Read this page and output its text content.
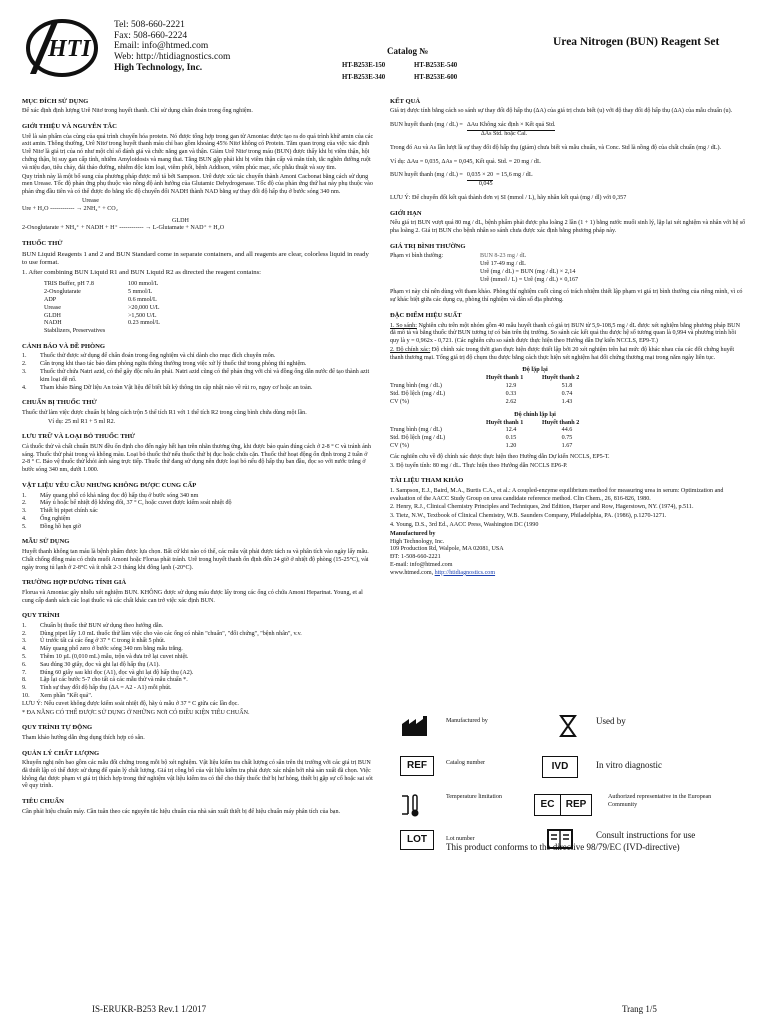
HTI
Tel: 508-660-2221
Fax: 508-660-2224
Email: info@htmed.com
Web: http://htidiagnostics.com
High Technology, Inc.
Urea Nitrogen (BUN) Reagent Set
Catalog №
HT-B253E-150	HT-B253E-540
HT-B253E-340	HT-B253E-600
MỤC ĐÍCH SỬ DỤNG

Để xác định định lượng Urê Nitơ trong huyết thanh. Chỉ sử dụng chẩn đoán trong ống nghiệm.

GIỚI THIỆU VÀ NGUYÊN TẮC

Urê là sản phẩm của cùng của quá trình chuyển hóa protein. Nó được tổng hợp trong gan từ Amoniac được tạo ra do quá trình khử amin của các axit amin. Thông thường, Urê Nitơ trong huyết thanh máu chỉ bao gồm khoảng 45% Nitơ không có Protein. Tăm quan trọng của việc xác định Urê Nitơ là giá trị của nó như một chỉ số đánh giá và chức năng gan và thận. Giảm Urê Nitơ trong máu (BUN) được thấy khi bị viêm thận, hội chứng thận, bị suy gan cấp tính, nhiễm Amyloidosis và mang thai. Tăng BUN gặp phải khi bị viêm thận cấp và mãn tính, tắc nghẽn đường ruột và niệu đạo, tiêu chảy, đái tháo đường, nhiễm độc kim loại, viêm phổi, bệnh Addison, viêm phúc mạc, sốc phẫu thuật và suy tim.

Quy trình này là một bổ sung của phương pháp được mô tả bởi Sampson. Urê được xúc tác chuyển thành Amoni Cacbonat bằng cách sử dụng men Urease. Tốc độ phản ứng phụ thuộc vào nồng độ ảnh hưởng của Glutamic Dehydrogenase. Tốc độ của phản ứng thứ hai này phụ thuộc vào phản ứng đầu tiên và có thể được đo bằng tốc độ chuyển đổi NADH thành NAD bằng sự thay đổi độ hấp thụ ở bước sóng 340 nm.

Urease
Ure + H₂O ------------ → 2NH₄⁺ + CO₂
GLDH
2-Oxoglutarate + NH₄⁺ + NADH + H⁺ ------------ → L-Glutamate + NAD⁺ + H₂O
THUỐC THỬ

BUN Liquid Reagents 1 and 2 and BUN Standard come in separate containers, and all reagents are clear, colorless liquid in ready to use format.

1. After combining BUN Liquid R1 and BUN Liquid R2 as directed the reagent contains:

TRIS Buffer, pH 7.8	100 mmol/L
2-Oxoglutarate	5 mmol/L
ADP	0.6 mmol/L
Urease	>20,000 U/L
GLDH	>1,500 U/L
NADH	0.23 mmol/L
Stabilizers, Preservatives	
CẢNH BÁO VÀ ĐỀ PHÒNG
1.	Thuốc thử được sử dụng để chẩn đoán trong ống nghiệm và chỉ dành cho mục đích chuyên môn.
2.	Cẩn trọng khi thao tác bảo đảm phòng ngừa thông thường trong việc xử lý thuốc thử trong phòng thí nghiệm.
3.	Thuốc thử chứa Natri azid, có thể gây độc nếu ăn phải. Natri azid cũng có thể phản ứng với chì và đồng ống dẫn nước để tạo thành azit kim loại dễ nổ.
4.	Tham khảo Bảng Dữ liệu An toàn Vật liệu để biết bất kỳ thông tin cập nhật nào về rủi ro, nguy cơ hoặc an toàn.
CHUẨN BỊ THUỐC THỬ

Thuốc thử làm việc được chuẩn bị bằng cách trộn 5 thể tích R1 với 1 thể tích R2 trong cùng bình chứa dùng một lần.

Ví dụ: 25 ml R1 + 5 ml R2.

LƯU TRỮ VÀ LOẠI BỎ THUỐC THỬ

Cả thuốc thử và chất chuẩn BUN đều ổn định cho đến ngày hết hạn trên nhãn thương ứng, khi được bảo quản đúng cách ở 2-8 ° C và tránh ánh sáng. Thuốc thử phải trong và không màu. Loại bỏ thuốc thử nếu thuốc thử bị đục hoặc chứa cặn. Thuốc thử hoạt động ổn định trong 2 tuần ở 2-8 ° C. Bảo vệ thuốc thử khỏi ánh sáng trực tiếp. Thuốc thử đang sử dụng nên được loại bỏ nếu độ hấp thụ ban đầu, đọc so với nước trắng ở bước sóng 340 nm, dưới 1.000.

VẬT LIỆU YÊU CẦU NHƯNG KHÔNG ĐƯỢC CUNG CẤP
1.	Máy quang phổ có khả năng đọc độ hấp thụ ở bước sóng 340 nm
2.	Máy ủ hoặc bể nhiệt độ không đổi, 37 ° C, hoặc cuvet được kiểm soát nhiệt độ
3.	Thiết bị pipet chính xác
4.	Ống nghiệm
5.	Đồng hồ hẹn giờ
MẪU SỬ DỤNG

Huyết thanh không tan máu là bệnh phẩm được lựa chọn. Bất cứ khi nào có thể, các mẫu vật phải được tách ra và phân tích vào ngày lấy mẫu. Chất chống đông máu có chứa muối Amoni hoặc Florua phải tránh. Urê trong huyết thanh ổn định đến 24 giờ ở nhiệt độ phòng (15-25°C), vài ngày trong tủ lạnh ở 2-8°C và ít nhất 2-3 tháng khi đông lạnh (-20°C).

TRƯỜNG HỢP DƯƠNG TÍNH GIẢ

Florua và Amoniac gây nhiễu xét nghiệm BUN. KHÔNG được sử dụng máu được lấy trong các ống có chứa Amoni Heparinat. Young, et al cung cấp danh sách các loại thuốc và các chất khác can trở việc xác định BUN.

QUY TRÌNH
1.	Chuẩn bị thuốc thử BUN sử dụng theo hướng dẫn.
2.	Dùng pipet lấy 1.0 mL thuốc thử làm việc cho vào các ống có nhãn "chuẩn", "đối chứng", "bệnh nhân", v.v.
3.	Ủ trước tất cả các ống ở 37 ° C trong ít nhất 5 phút.
4.	Máy quang phổ zero ở bước sóng 340 nm bằng mẫu trắng.
5.	Thêm 10 µL (0,010 mL) mẫu, trộn và đưa trở lại cuvet nhiệt.
6.	Sau đúng 30 giây, đọc và ghi lại độ hấp thụ (A1).
7.	Đúng 60 giây sau khi đọc (A1), đọc và ghi lại độ hấp thụ (A2).
8.	Lặp lại các bước 5-7 cho tất cả các mẫu thử và mẫu chuẩn *.
9.	Tính sự thay đổi độ hấp thụ (ΔA = A2 - A1) mỗi phút.
10.	Xem phần "Kết quả".

LƯU Ý: Nếu cuvet không được kiểm soát nhiệt độ, hãy ủ mẫu ở 37 ° C giữa các lần đọc.

* ĐA NĂNG CÓ THỂ ĐƯỢC SỬ DỤNG Ở NHỮNG NƠI CÓ ĐIỀU KIỆN TIÊU CHUẨN.

QUY TRÌNH TỰ ĐỘNG

Tham khảo hướng dẫn ứng dụng thích hợp có sẵn.

QUẢN LÝ CHẤT LƯỢNG

Khuyến nghị nên bao gồm các mẫu đối chứng trong mỗi bộ xét nghiệm. Vật liệu kiểm tra chất lượng có sẵn trên thị trường với các giá trị BUN đã thiết lập có thể được sử dụng để quản lý chất lượng. Giá trị công bố của vật liệu kiểm tra phải được xác nhận bởi nhà sản xuất đã chọn. Việc không đạt được phạm vi giá trị thích hợp trong thử nghiệm vật liệu kiểm tra có thể cho thấy thuốc thử bị hư hỏng, thiết bị gặp sự cố hoặc sai sót về quy trình.

TIÊU CHUẨN

Cần phải hiệu chuẩn máy. Cần tuân theo các nguyên tắc hiệu chuẩn của nhà sản xuất thiết bị để hiệu chuẩn máy phân tích của bạn.

KẾT QUẢ

Giá trị được tính bằng cách so sánh sự thay đổi độ hấp thụ (ΔA) của giá trị chưa biết (u) với độ thay đổi độ hấp thụ (ΔA) của mẫu chuẩn (u).

BUN huyết thanh (mg / dL) = ΔAu Không xác định × Kết quả Std.
ΔAs Std. hoặc Cal.

Trong đó Au và As lần lượt là sự thay đổi độ hấp thụ (giảm) chưa biết và mẫu chuẩn, và Conc. Std là nồng độ của chất chuẩn (mg / dL).

Ví dụ: ΔAu = 0,035, ΔAs = 0,045, Kết quả. Std. = 20 mg / dL

BUN huyết thanh $(mg / dL) = \frac{0,035 \times 20}{0,045} = 15,6$ mg / dL

LƯU Ý: Để chuyển đổi kết quả thành đơn vị SI (mmol / L), hãy nhân kết quả (mg / dl) với 0,357

GIỚI HẠN

Nếu giá trị BUN vượt quá 80 mg / dL, bệnh phẩm phải được pha loãng 2 lần (1 + 1) bằng nước muối sinh lý, lặp lại xét nghiệm và nhân với hệ số pha loãng 2. Giá trị BUN cho bệnh nhân so sánh chưa được xác định bằng phương pháp này.

GIÁ TRỊ BÌNH THƯỜNG
Phạm vi bình thường:	BUN 8-23 mg / dL
Urê 17-49 mg / dL
Urê (mg / dL) = BUN (mg / dL) × 2,14
Urê (mmol / L) = Urê (mg / dL) × 0,167

Phạm vi này chỉ nên dùng với tham khảo. Phòng thí nghiệm cuối cùng có trách nhiệm thiết lập phạm vi giá trị bình thường của riêng mình, vì có sự khác biệt giữa các dụng cụ, phòng thí nghiệm và dân số địa phương.

ĐẶC ĐIỂM HIỆU SUẤT

1. So sánh: Nghiên cứu trên một nhóm gồm 40 mẫu huyết thanh có giá trị BUN từ 5,9-108,5 mg / dL được xét nghiệm bằng phương pháp BUN đã mô tả và bằng thuốc thử BUN tương tự có bán trên thị trường. So sánh các kết quả thu được hệ số tương quan là 0,994 và phương trình hồi quy là y = 0,962x - 0,721. (Các nghiên cứu so sánh được thực hiện theo Hướng dẫn Dự kiến NCCLS, EP9-T.)

2. Độ chính xác: Độ chính xác trong thời gian thực hiện được thiết lập bởi 20 xét nghiệm trên hai mức độ khác nhau của các đối chứng huyết thanh thương mại. Tổng giá trị độ chụm thu được bằng cách thực hiện xét nghiệm hai đối chứng thương mại trong năm ngày liên tục.

Độ lặp lại
	Huyết thanh 1	Huyết thanh 2
Trung bình (mg / dL)	12.9	51.8
Std. Độ lệch (mg / dL)	0.33	0.74
CV (%)	2.62	1.43
Độ chính lặp lại
	Huyết thanh 1	Huyết thanh 2
Trung bình (mg / dL)	12.4	44.6
Std. Độ lệch (mg / dL)	0.15	0.75
CV (%)	1.20	1.67

Các nghiên cứu về độ chính xác được thực hiện theo Hướng dẫn Dự kiến NCCLS, EP5-T.

3. Độ tuyến tính: 80 mg / dL. Thực hiện theo Hướng dẫn NCCLS EP6-P.

TÀI LIỆU THAM KHẢO

1. Sampson, E.J., Baird, M.A., Burtis C.A., et al.: A coupled-enzyme equilibrium method for measuring urea in serum: Optimization and evaluation of the AACC Study Group on urea candidate reference method. Clin Chem., 26, 816-826, 1980.

2. Henry, R.J., Clinical Chemistry Principles and Techniques, 2nd Edition, Harper and Row, Hagerstown, NY. (1974), p.511.

3. Tietz, N.W., Textbook of Clinical Chemistry, W.B. Saunders Company, Philadelphia, PA. (1986), p.1270-1271.

4. Young, D.S., 3rd Ed., AACC Press, Washington DC (1990

Manufactured by
High Technology, Inc.
109 Production Rd, Walpole, MA 02081, USA
ĐT: 1-508-660-2221
E-mail: info@htmed.com
www.htmed.com, http://htidiagnostics.com
Manufactured by	Used by
REF	Catalog number	IVD	In vitro diagnostic
Temperature limitation
EC	REP
Authorized representative in the European Community
LOT	Lot number	Consult instructions for use
This product conforms to the directive 98/79/EC (IVD-directive)
IS-ERUKR-B253 Rev.1 1/2017	Trang 1/5
